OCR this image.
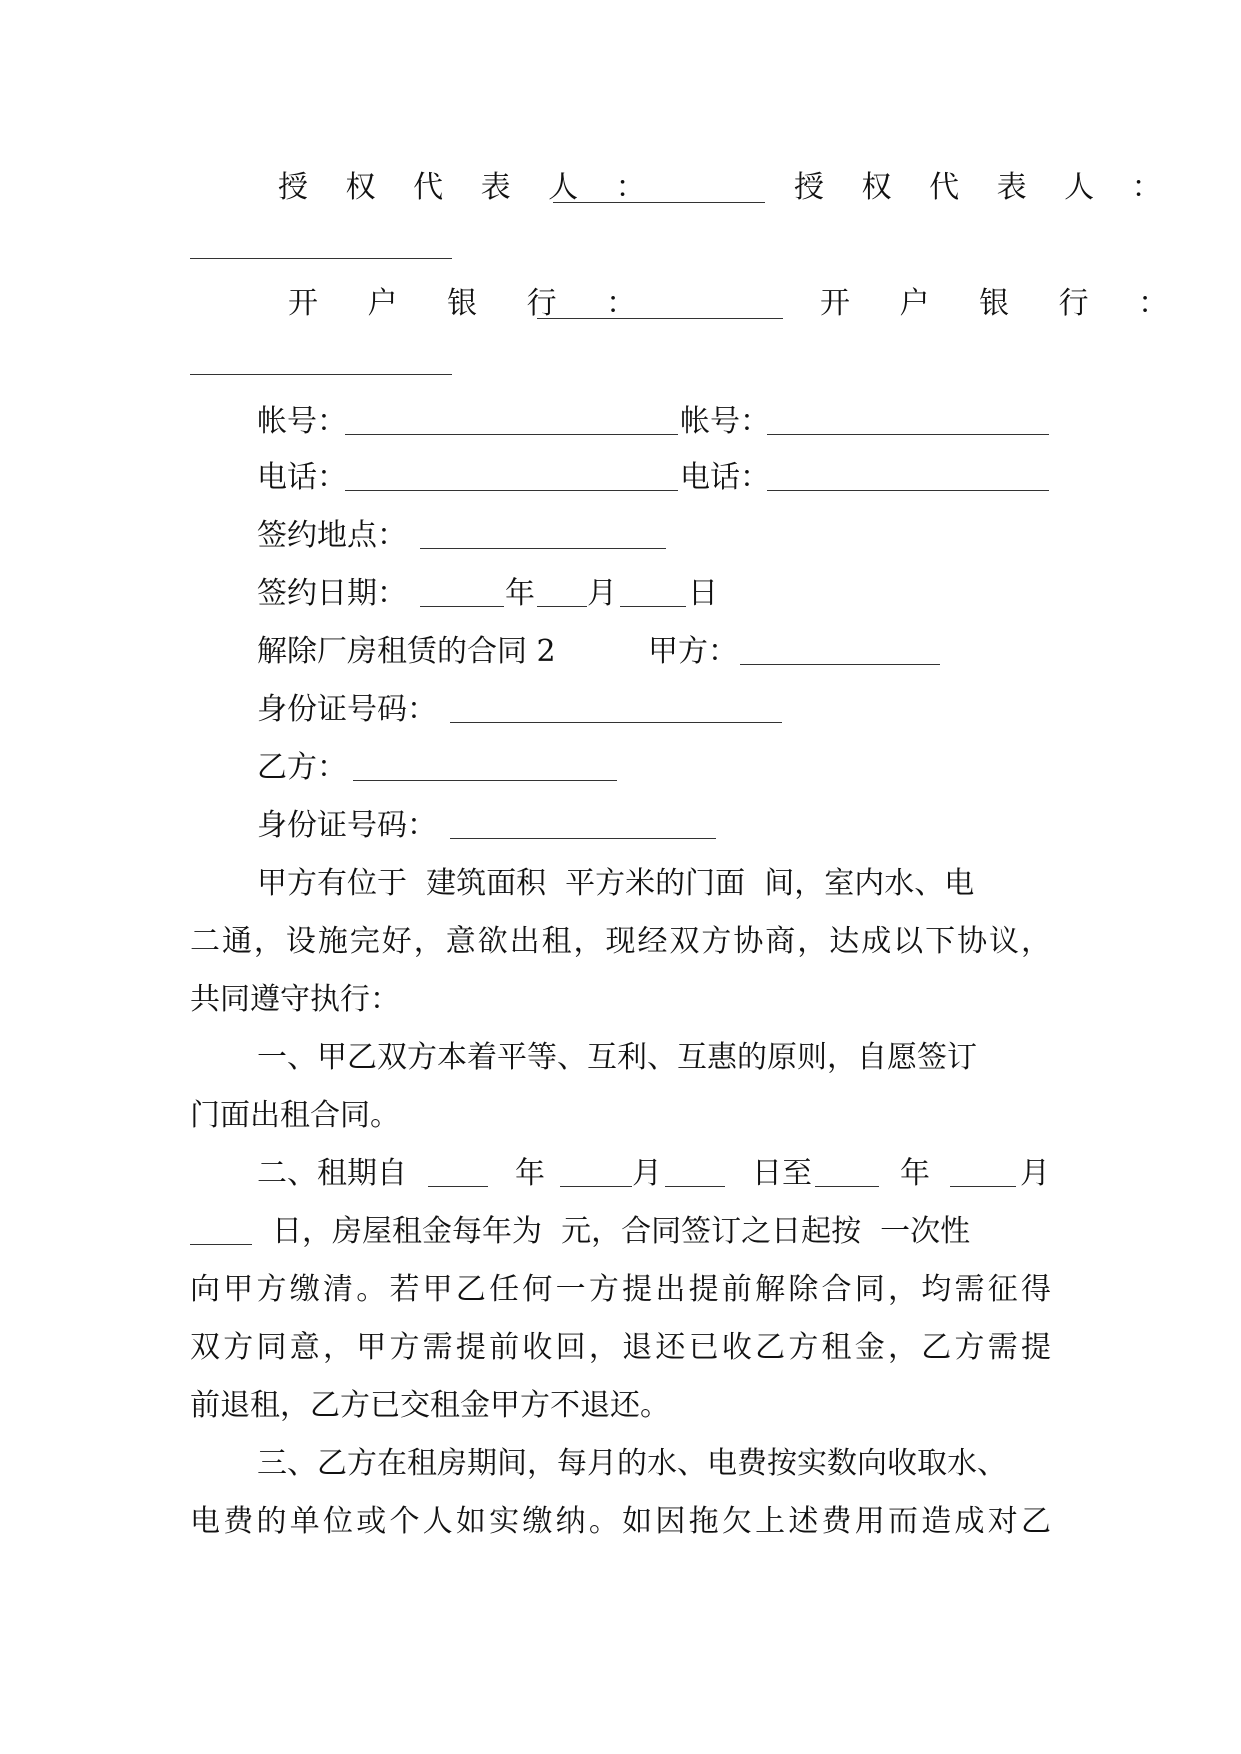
授 权 代 表 人 ：	授 权 代 表 人 ：
开 户 银 行 ：	开 户 银 行 ：
帐号：	帐号：
电话：	电话：
签约地点：
签约日期：	年 月 日
解除厂房租赁的合同 2	甲方：
身份证号码：
乙方：
身份证号码：
甲方有位于  建筑面积  平方米的门面  间，室内水、电
二通，设施完好，意欲出租，现经双方协商，达成以下协议，
共同遵守执行：
一、甲乙双方本着平等、互利、互惠的原则，自愿签订
门面出租合同。
二、租期自	年	月	日至	年	月
日，房屋租金每年为  元，合同签订之日起按  一次性
向甲方缴清。若甲乙任何一方提出提前解除合同，均需征得
双方同意，甲方需提前收回，退还已收乙方租金，乙方需提
前退租，乙方已交租金甲方不退还。
三、乙方在租房期间，每月的水、电费按实数向收取水、
电费的单位或个人如实缴纳。如因拖欠上述费用而造成对乙
